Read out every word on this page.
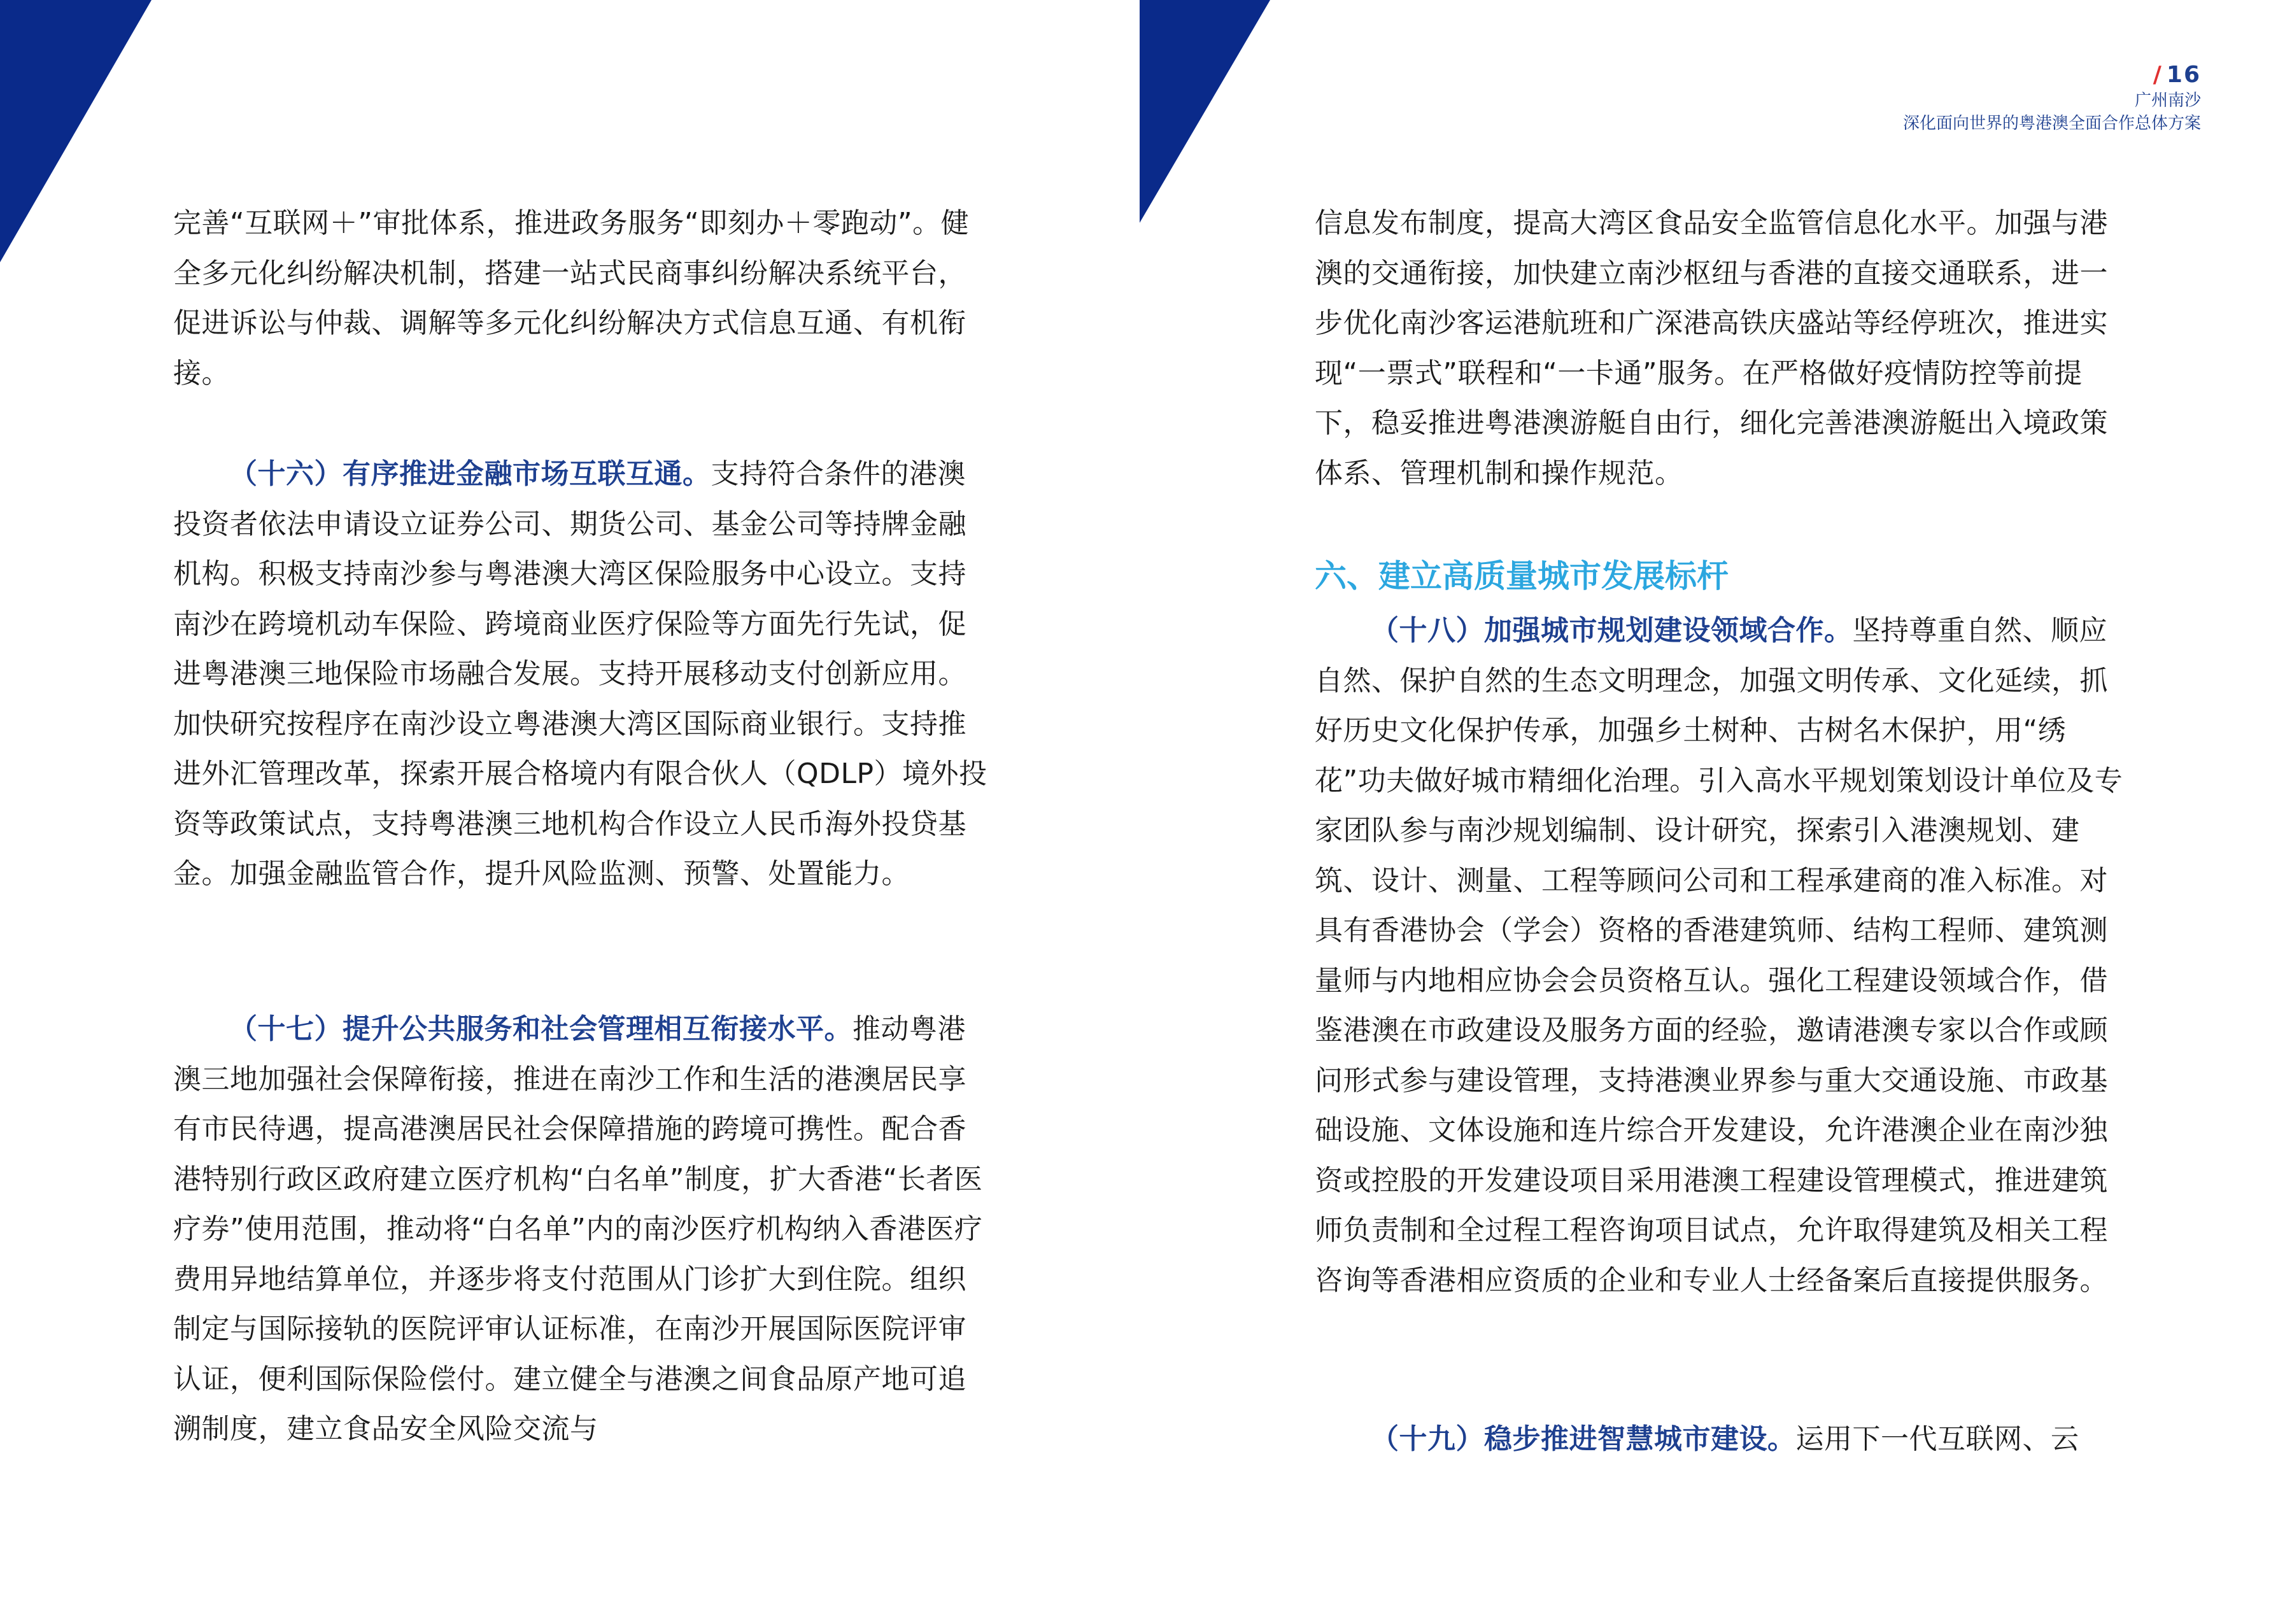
/ 16
广州南沙
深化面向世界的粤港澳全面合作总体方案

完善“互联网＋”审批体系，推进政务服务“即刻办＋零跑动”。健全多元化纠纷解决机制，搭建一站式民商事纠纷解决系统平台，促进诉讼与仲裁、调解等多元化纠纷解决方式信息互通、有机衔接。

（十六）有序推进金融市场互联互通。支持符合条件的港澳投资者依法申请设立证券公司、期货公司、基金公司等持牌金融机构。积极支持南沙参与粤港澳大湾区保险服务中心设立。支持南沙在跨境机动车保险、跨境商业医疗保险等方面先行先试，促进粤港澳三地保险市场融合发展。支持开展移动支付创新应用。加快研究按程序在南沙设立粤港澳大湾区国际商业银行。支持推进外汇管理改革，探索开展合格境内有限合伙人（QDLP）境外投资等政策试点，支持粤港澳三地机构合作设立人民币海外投贷基金。加强金融监管合作，提升风险监测、预警、处置能力。

（十七）提升公共服务和社会管理相互衔接水平。推动粤港澳三地加强社会保障衔接，推进在南沙工作和生活的港澳居民享有市民待遇，提高港澳居民社会保障措施的跨境可携性。配合香港特别行政区政府建立医疗机构“白名单”制度，扩大香港“长者医疗券”使用范围，推动将“白名单”内的南沙医疗机构纳入香港医疗费用异地结算单位，并逐步将支付范围从门诊扩大到住院。组织制定与国际接轨的医院评审认证标准，在南沙开展国际医院评审认证，便利国际保险偿付。建立健全与港澳之间食品原产地可追溯制度，建立食品安全风险交流与

信息发布制度，提高大湾区食品安全监管信息化水平。加强与港澳的交通衔接，加快建立南沙枢纽与香港的直接交通联系，进一步优化南沙客运港航班和广深港高铁庆盛站等经停班次，推进实现“一票式”联程和“一卡通”服务。在严格做好疫情防控等前提下，稳妥推进粤港澳游艇自由行，细化完善港澳游艇出入境政策体系、管理机制和操作规范。

六、建立高质量城市发展标杆

（十八）加强城市规划建设领域合作。坚持尊重自然、顺应自然、保护自然的生态文明理念，加强文明传承、文化延续，抓好历史文化保护传承，加强乡土树种、古树名木保护，用“绣花”功夫做好城市精细化治理。引入高水平规划策划设计单位及专家团队参与南沙规划编制、设计研究，探索引入港澳规划、建筑、设计、测量、工程等顾问公司和工程承建商的准入标准。对具有香港协会（学会）资格的香港建筑师、结构工程师、建筑测量师与内地相应协会会员资格互认。强化工程建设领域合作，借鉴港澳在市政建设及服务方面的经验，邀请港澳专家以合作或顾问形式参与建设管理，支持港澳业界参与重大交通设施、市政基础设施、文体设施和连片综合开发建设，允许港澳企业在南沙独资或控股的开发建设项目采用港澳工程建设管理模式，推进建筑师负责制和全过程工程咨询项目试点，允许取得建筑及相关工程咨询等香港相应资质的企业和专业人士经备案后直接提供服务。

（十九）稳步推进智慧城市建设。运用下一代互联网、云
